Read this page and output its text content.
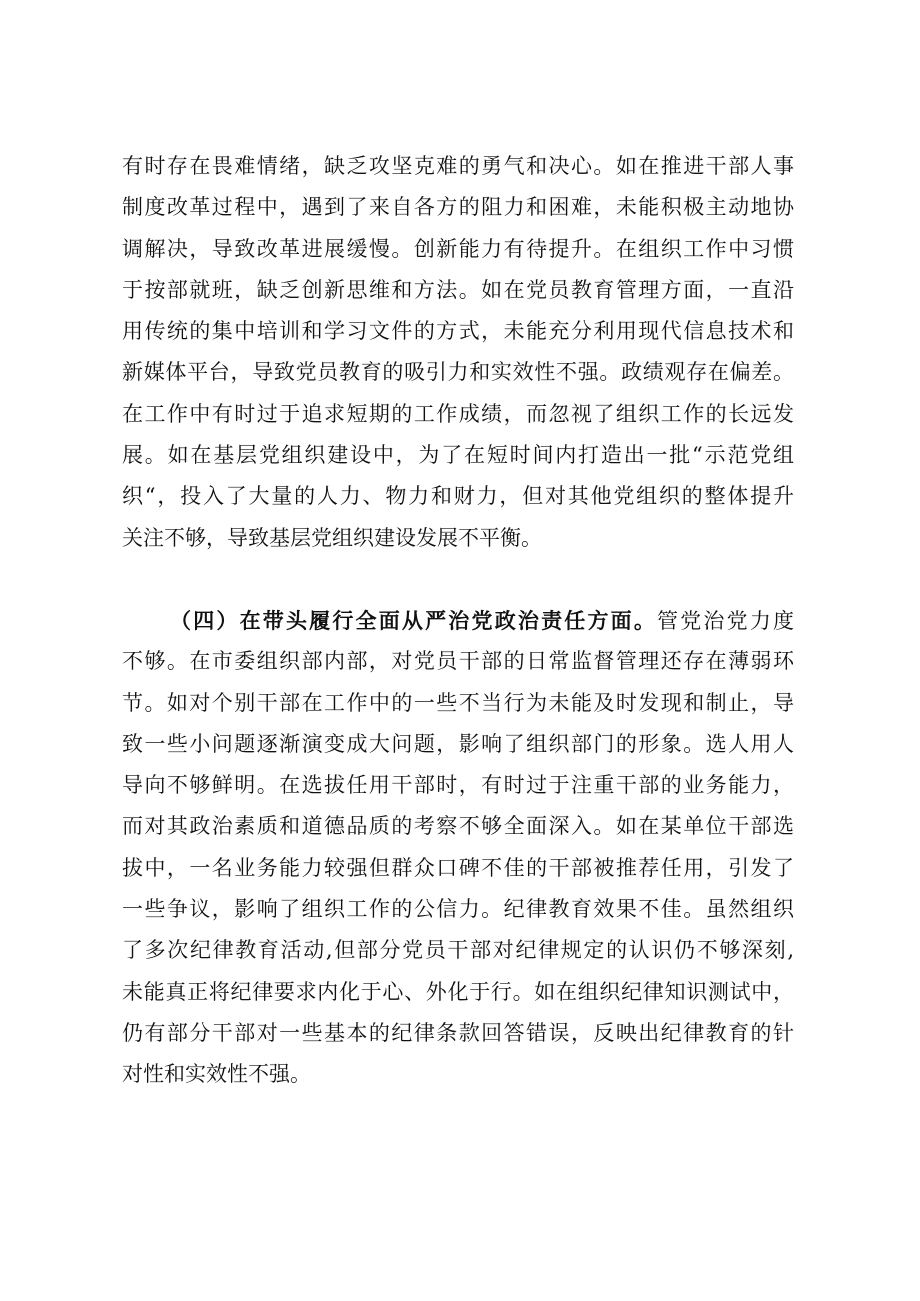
有时存在畏难情绪，缺乏攻坚克难的勇气和决心。如在推进干部人事
制度改革过程中，遇到了来自各方的阻力和困难，未能积极主动地协
调解决，导致改革进展缓慢。创新能力有待提升。在组织工作中习惯
于按部就班，缺乏创新思维和方法。如在党员教育管理方面，一直沿
用传统的集中培训和学习文件的方式，未能充分利用现代信息技术和
新媒体平台，导致党员教育的吸引力和实效性不强。政绩观存在偏差。
在工作中有时过于追求短期的工作成绩，而忽视了组织工作的长远发
展。如在基层党组织建设中，为了在短时间内打造出一批“示范党组
织“，投入了大量的人力、物力和财力，但对其他党组织的整体提升
关注不够，导致基层党组织建设发展不平衡。
（四）在带头履行全面从严治党政治责任方面。管党治党力度
不够。在市委组织部内部，对党员干部的日常监督管理还存在薄弱环
节。如对个别干部在工作中的一些不当行为未能及时发现和制止，导
致一些小问题逐渐演变成大问题，影响了组织部门的形象。选人用人
导向不够鲜明。在选拔任用干部时，有时过于注重干部的业务能力，
而对其政治素质和道德品质的考察不够全面深入。如在某单位干部选
拔中，一名业务能力较强但群众口碑不佳的干部被推荐任用，引发了
一些争议，影响了组织工作的公信力。纪律教育效果不佳。虽然组织
了多次纪律教育活动,但部分党员干部对纪律规定的认识仍不够深刻,
未能真正将纪律要求内化于心、外化于行。如在组织纪律知识测试中，
仍有部分干部对一些基本的纪律条款回答错误，反映出纪律教育的针
对性和实效性不强。
